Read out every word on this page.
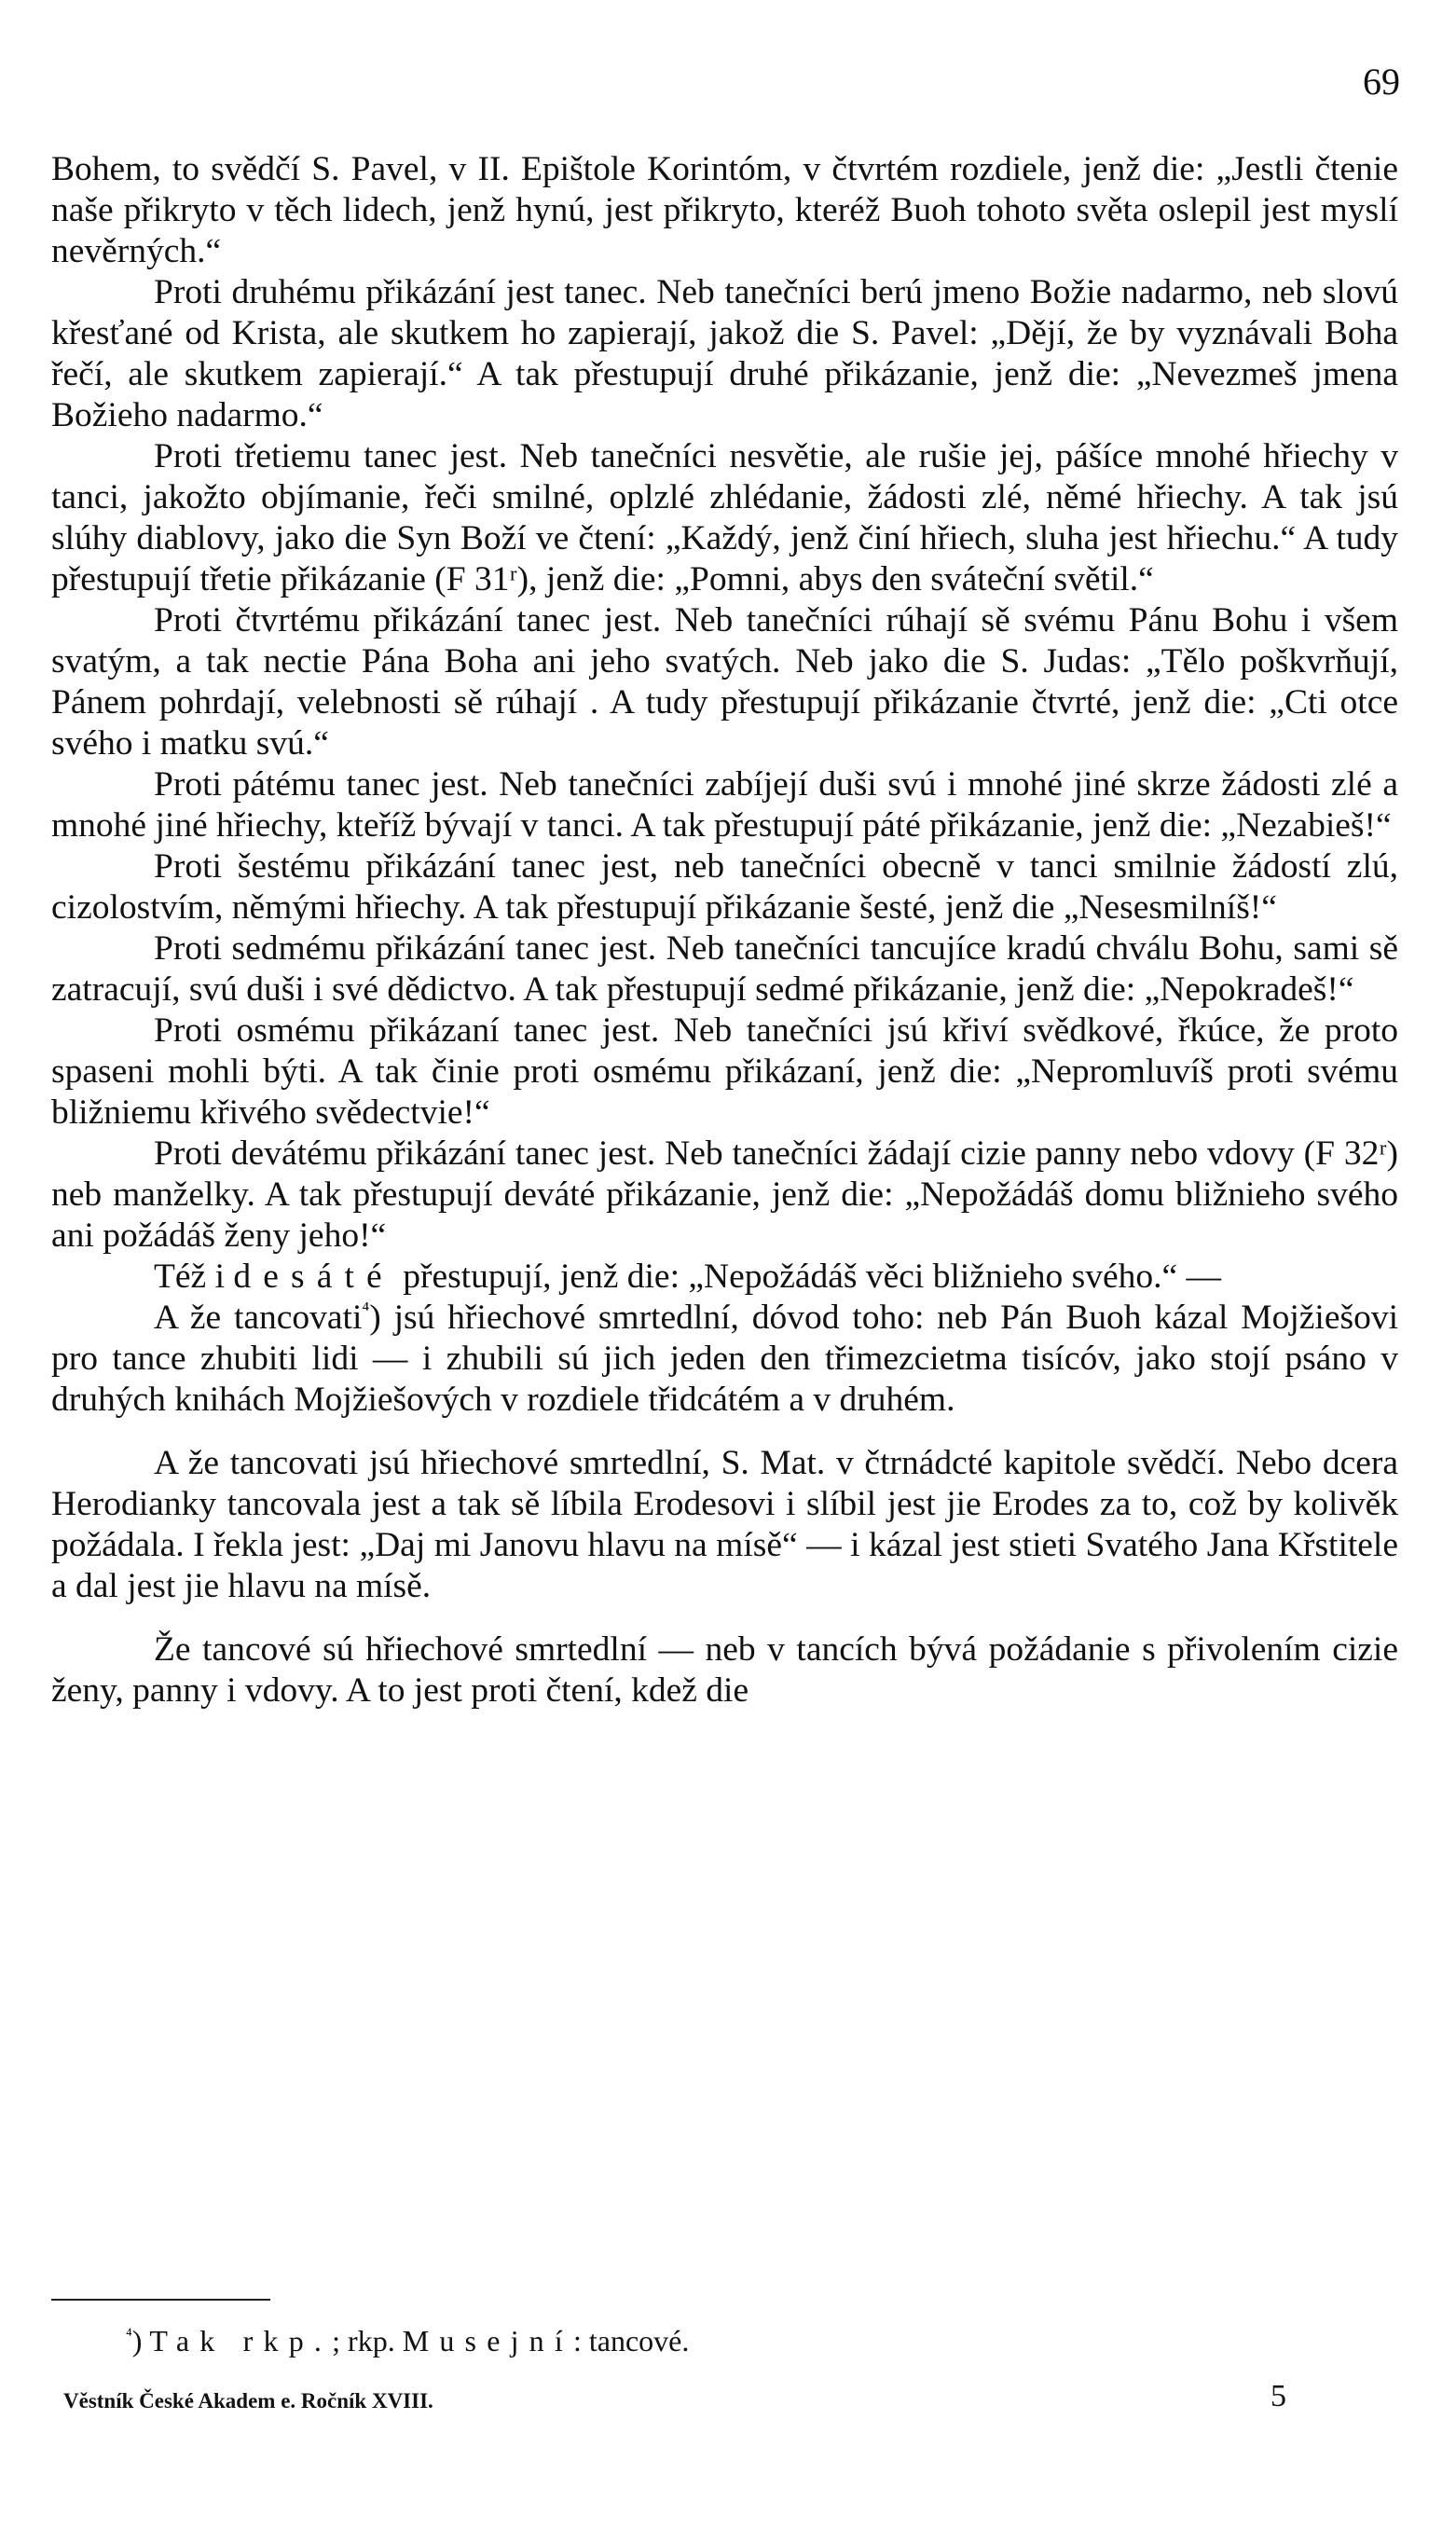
69

Bohem, to svědčí S. Pavel, v II. Epištole Korintóm, v čtvrtém rozdiele, jenž die: „Jestli čtenie naše přikryto v těch lidech, jenž hynú, jest přikryto, kteréž Buoh tohoto světa oslepil jest myslí nevěrných.“

Proti druhému přikázání jest tanec. Neb tanečníci berú jmeno Božie nadarmo, neb slovú křesťané od Krista, ale skutkem ho zapierají, jakož die S. Pavel: „Dějí, že by vyznávali Boha řečí, ale skutkem zapierají.“ A tak přestupují druhé přikázanie, jenž die: „Nevezmeš jmena Božieho nadarmo.“

Proti třetiemu tanec jest. Neb tanečníci nesvětie, ale rušie jej, pášíce mnohé hřiechy v tanci, jakožto objímanie, řeči smilné, oplzlé zhlédanie, žádosti zlé, němé hřiechy. A tak jsú slúhy diablovy, jako die Syn Boží ve čtení: „Každý, jenž činí hřiech, sluha jest hřiechu.“ A tudy přestupují třetie přikázanie (F 31ʳ), jenž die: „Pomni, abys den sváteční světil.“

Proti čtvrtému přikázání tanec jest. Neb tanečníci rúhají sě svému Pánu Bohu i všem svatým, a tak nectie Pána Boha ani jeho svatých. Neb jako die S. Judas: „Tělo poškvrňují, Pánem pohrdají, velebnosti sě rúhají . A tudy přestupují přikázanie čtvrté, jenž die: „Cti otce svého i matku svú.“

Proti pátému tanec jest. Neb tanečníci zabíjejí duši svú i mnohé jiné skrze žádosti zlé a mnohé jiné hřiechy, kteříž bývají v tanci. A tak přestupují páté přikázanie, jenž die: „Nezabieš!“

Proti šestému přikázání tanec jest, neb tanečníci obecně v tanci smilnie žádostí zlú, cizolostvím, němými hřiechy. A tak přestupují přikázanie šesté, jenž die „Nesesmilníš!“

Proti sedmému přikázání tanec jest. Neb tanečníci tancujíce kradú chválu Bohu, sami sě zatracují, svú duši i své dědictvo. A tak přestupují sedmé přikázanie, jenž die: „Nepokradeš!“

Proti osmému přikázaní tanec jest. Neb tanečníci jsú křiví svědkové, řkúce, že proto spaseni mohli býti. A tak činie proti osmému přikázaní, jenž die: „Nepromluvíš proti svému bližniemu křivého svědectvie!“

Proti devátému přikázání tanec jest. Neb tanečníci žádají cizie panny nebo vdovy (F 32ʳ) neb manželky. A tak přestupují deváté přikázanie, jenž die: „Nepožádáš domu bližnieho svého ani požádáš ženy jeho!“

Též i desáté přestupují, jenž die: „Nepožádáš věci bližnieho svého.“ —

A že tancovati$^{^4}$) jsú hřiechové smrtedlní, dóvod toho: neb Pán Buoh kázal Mojžiešovi pro tance zhubiti lidi — i zhubili sú jich jeden den třimezcietma tisícóv, jako stojí psáno v druhých knihách Mojžiešových v rozdiele třidcátém a v druhém.

A že tancovati jsú hřiechové smrtedlní, S. Mat. v čtrnádcté kapitole svědčí. Nebo dcera Herodianky tancovala jest a tak sě líbila Erodesovi i slíbil jest jie Erodes za to, což by kolivěk požádala. I řekla jest: „Daj mi Janovu hlavu na mísě“ — i kázal jest stieti Svatého Jana Křstitele a dal jest jie hlavu na mísě.

Že tancové sú hřiechové smrtedlní — neb v tancích bývá požádanie s přivolením cizie ženy, panny i vdovy. A to jest proti čtení, kdež die

$^{^4}$) Tak rkp.; rkp. Musejní: tancové.
Věstník České Akadem e. Ročník XVIII.	5
